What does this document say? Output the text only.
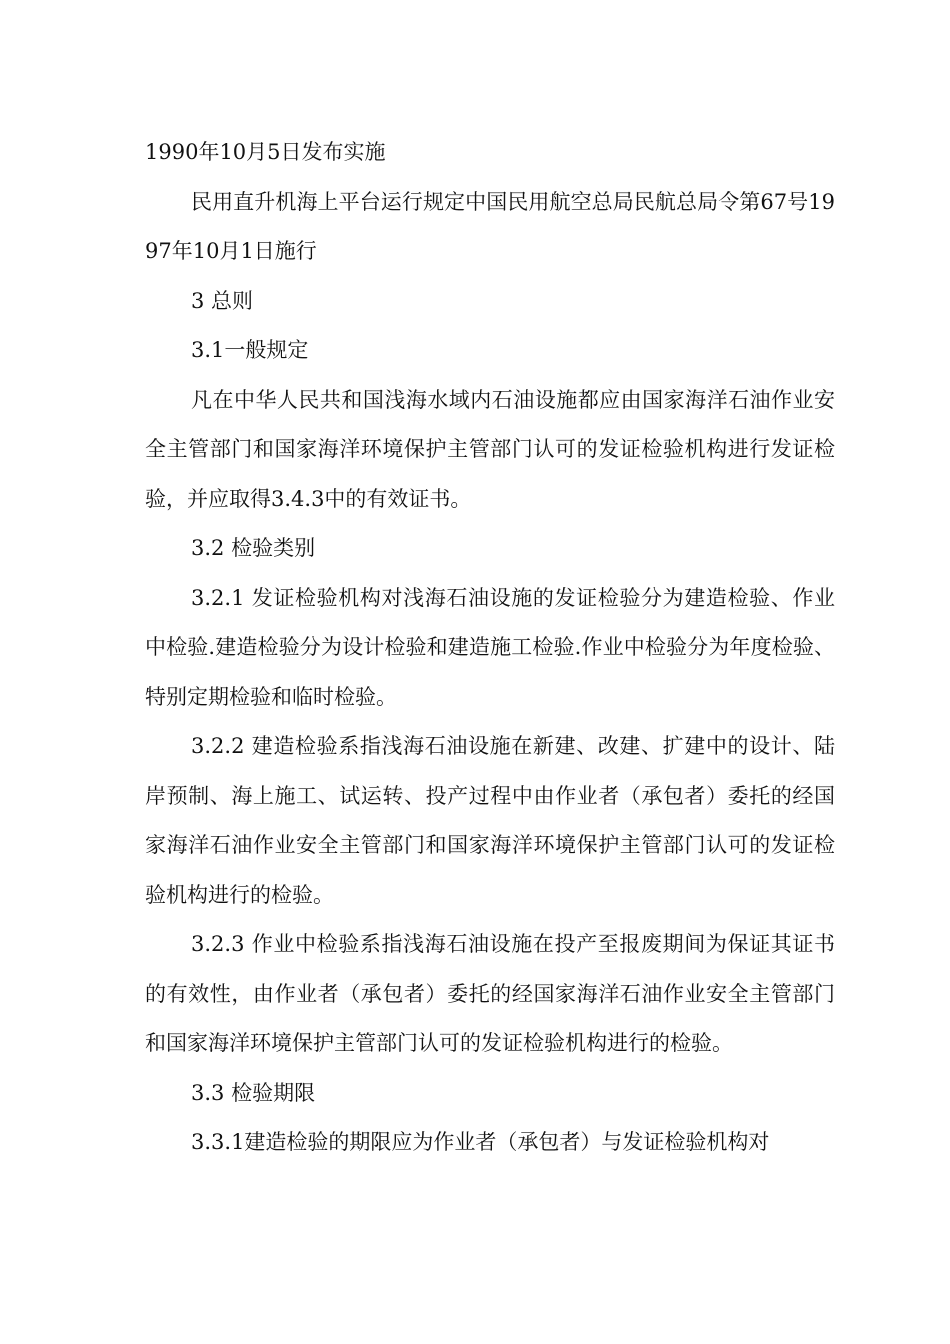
1990年10月5日发布实施

民用直升机海上平台运行规定中国民用航空总局民航总局令第67号1997年10月1日施行

3 总则

3.1一般规定

凡在中华人民共和国浅海水域内石油设施都应由国家海洋石油作业安全主管部门和国家海洋环境保护主管部门认可的发证检验机构进行发证检验，并应取得3.4.3中的有效证书。

3.2 检验类别

3.2.1 发证检验机构对浅海石油设施的发证检验分为建造检验、作业中检验.建造检验分为设计检验和建造施工检验.作业中检验分为年度检验、特别定期检验和临时检验。

3.2.2 建造检验系指浅海石油设施在新建、改建、扩建中的设计、陆岸预制、海上施工、试运转、投产过程中由作业者（承包者）委托的经国家海洋石油作业安全主管部门和国家海洋环境保护主管部门认可的发证检验机构进行的检验。

3.2.3 作业中检验系指浅海石油设施在投产至报废期间为保证其证书的有效性，由作业者（承包者）委托的经国家海洋石油作业安全主管部门和国家海洋环境保护主管部门认可的发证检验机构进行的检验。

3.3 检验期限

3.3.1建造检验的期限应为作业者（承包者）与发证检验机构对
